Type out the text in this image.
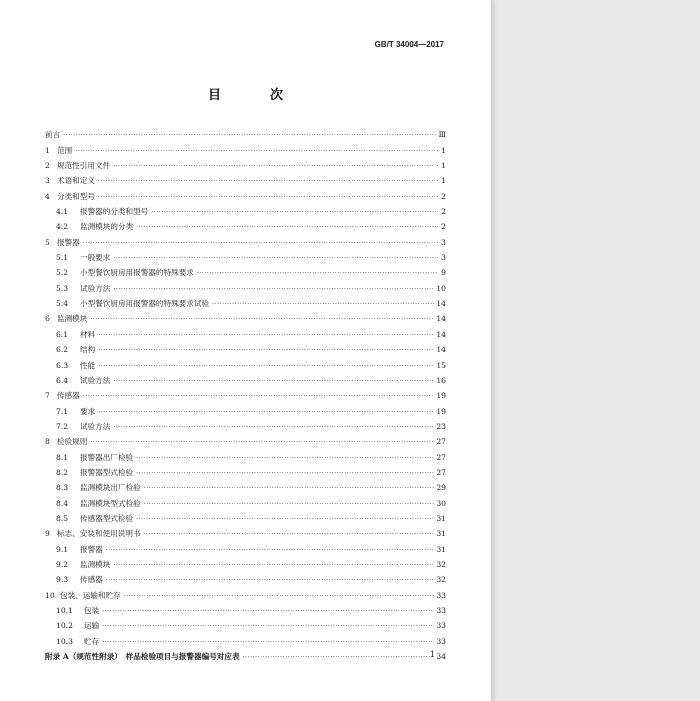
GB/T 34004—2017
目　次
前言 ·····	Ⅲ
1 范围 ·····	1
2 规范性引用文件 ·····	1
3 术语和定义 ·····	1
4 分类和型号 ·····	2
4.1	报警器的分类和型号 ·····	2
4.2	监测模块的分类 ·····	2
5 报警器 ·····	3
5.1	一般要求 ·····	3
5.2	小型餐饮厨房用报警器的特殊要求 ·····	9
5.3	试验方法 ·····	10
5.4	小型餐饮厨房用报警器的特殊要求试验 ·····	14
6 监测模块 ·····	14
6.1	材料 ·····	14
6.2	结构 ·····	14
6.3	性能 ·····	15
6.4	试验方法 ·····	16
7 传感器 ·····	19
7.1	要求 ·····	19
7.2	试验方法 ·····	23
8 检验规则 ·····	27
8.1	报警器出厂检验 ·····	27
8.2	报警器型式检验 ·····	27
8.3	监测模块出厂检验 ·····	29
8.4	监测模块型式检验 ·····	30
8.5	传感器型式检验 ·····	31
9 标志、安装和使用说明书 ·····	31
9.1	报警器 ·····	31
9.2	监测模块 ·····	32
9.3	传感器 ·····	32
10 包装、运输和贮存 ·····	33
10.1	包装 ·····	33
10.2	运输 ·····	33
10.3	贮存 ·····	33
附录 A（规范性附录）　样品检验项目与报警器编号对应表 ·····	34
1
